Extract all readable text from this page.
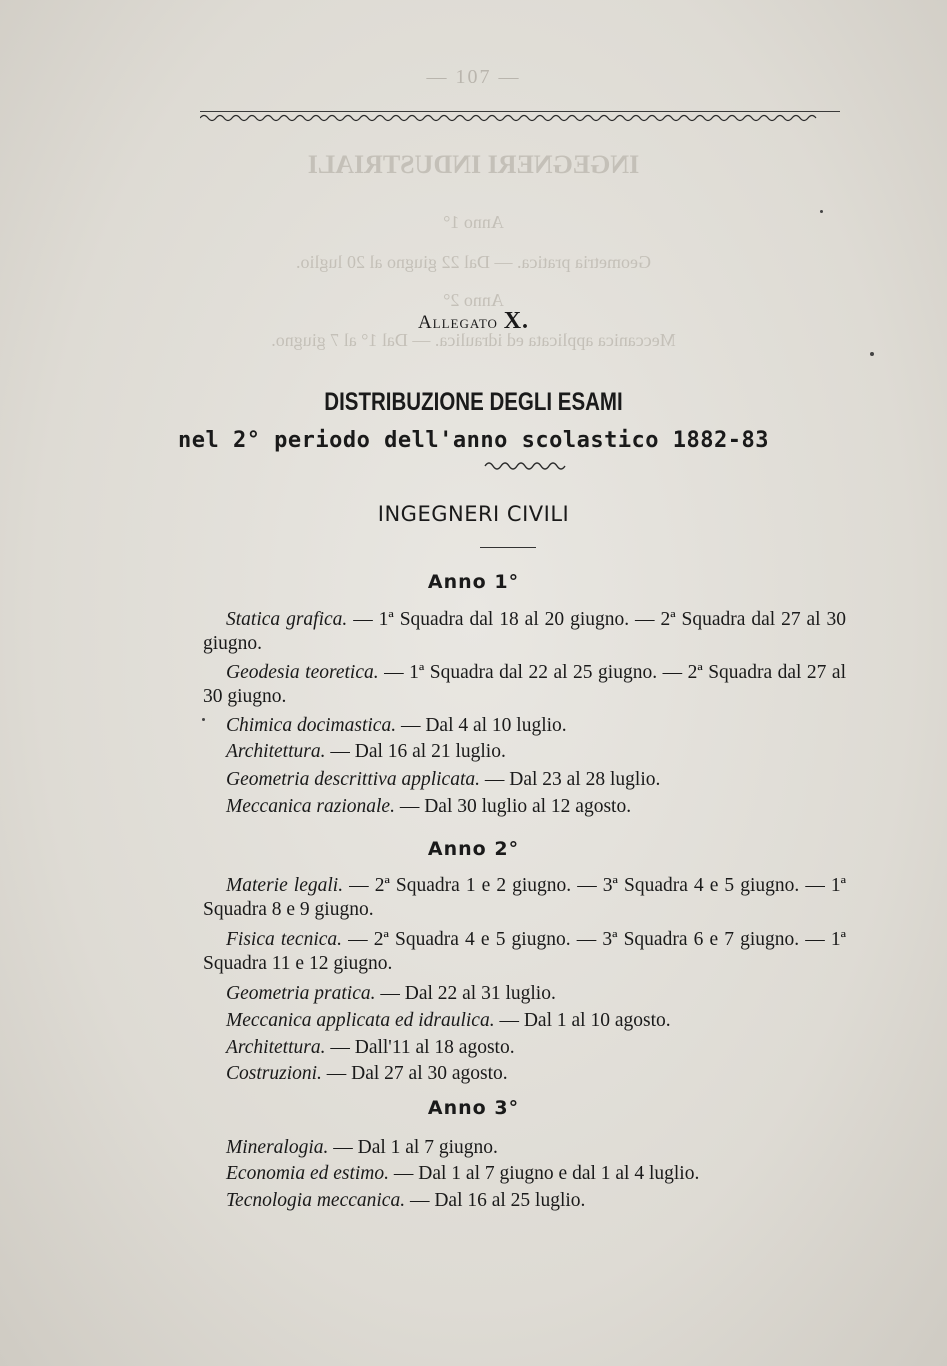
— 107 —
INGEGNERI INDUSTRIALI
Anno 1°
Geometria pratica. — Dal 22 giugno al 20 luglio.
Anno 2°
Meccanica applicata ed idraulica. — Dal 1° al 7 giugno.
Allegato X.
DISTRIBUZIONE DEGLI ESAMI
nel 2° periodo dell'anno scolastico 1882-83
INGEGNERI CIVILI
Anno 1°
Statica grafica. — 1ª Squadra dal 18 al 20 giugno. — 2ª Squadra dal 27 al 30 giugno.
Geodesia teoretica. — 1ª Squadra dal 22 al 25 giugno. — 2ª Squadra dal 27 al 30 giugno.
Chimica docimastica. — Dal 4 al 10 luglio.
Architettura. — Dal 16 al 21 luglio.
Geometria descrittiva applicata. — Dal 23 al 28 luglio.
Meccanica razionale. — Dal 30 luglio al 12 agosto.
Anno 2°
Materie legali. — 2ª Squadra 1 e 2 giugno. — 3ª Squadra 4 e 5 giugno. — 1ª Squadra 8 e 9 giugno.
Fisica tecnica. — 2ª Squadra 4 e 5 giugno. — 3ª Squadra 6 e 7 giugno. — 1ª Squadra 11 e 12 giugno.
Geometria pratica. — Dal 22 al 31 luglio.
Meccanica applicata ed idraulica. — Dal 1 al 10 agosto.
Architettura. — Dall'11 al 18 agosto.
Costruzioni. — Dal 27 al 30 agosto.
Anno 3°
Mineralogia. — Dal 1 al 7 giugno.
Economia ed estimo. — Dal 1 al 7 giugno e dal 1 al 4 luglio.
Tecnologia meccanica. — Dal 16 al 25 luglio.
